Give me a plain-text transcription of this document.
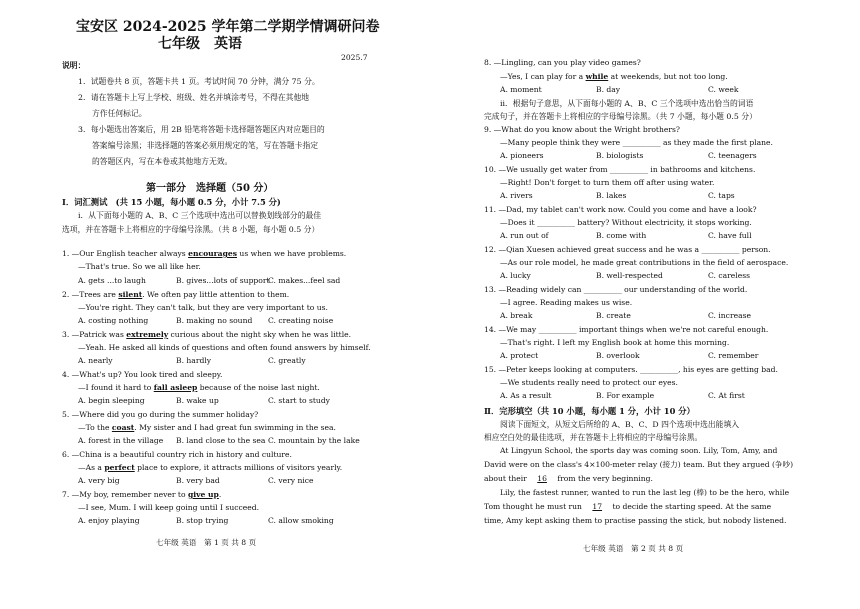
宝安区 2024-2025 学年第二学期学情调研问卷
七年级　英语
2025.7
说明：
1．试题卷共 8 页，答题卡共 1 页。考试时间 70 分钟，满分 75 分。
2．请在答题卡上写上学校、班级、姓名并填涂考号，不得在其他地
方作任何标记。
3．每小题选出答案后，用 2B 铅笔将答题卡选择题答题区内对应题目的
答案编号涂黑；非选择题的答案必须用规定的笔，写在答题卡指定
的答题区内，写在本卷或其他地方无效。
第一部分　选择题（50 分）
Ⅰ．词汇测试　(共 15 小题，每小题 0.5 分，小计 7.5 分)
ⅰ．从下面每小题的 A、B、C 三个选项中选出可以替换划线部分的最佳
选项，并在答题卡上将相应的字母编号涂黑。（共 8 小题，每小题 0.5 分）
1. —Our English teacher always encourages us when we have problems.
—That's true. So we all like her.
A. gets ...to laugh	B. gives...lots of support
C. makes...feel sad
2. —Trees are silent. We often pay little attention to them.
—You're right. They can't talk, but they are very important to us.
A. costing nothing	B. making no sound C. creating noise
3. —Patrick was extremely curious about the night sky when he was little.
—Yeah. He asked all kinds of questions and often found answers by himself.
A. nearly	B. hardly	C. greatly
4. —What's up? You look tired and sleepy.
—I found it hard to fall asleep because of the noise last night.
A. begin sleeping	B. wake up	C. start to study
5. —Where did you go during the summer holiday?
—To the coast. My sister and I had great fun swimming in the sea.
A. forest in the village B. land close to the sea C. mountain by the lake
6. —China is a beautiful country rich in history and culture.
—As a perfect place to explore, it attracts millions of visitors yearly.
A. very big	B. very bad	C. very nice
7. —My boy, remember never to give up.
—I see, Mum. I will keep going until I succeed.
A. enjoy playing	B. stop trying	C. allow smoking
七年级 英语　第 1 页 共 8 页
8. —Lingling, can you play video games?
—Yes, I can play for a while at weekends, but not too long.
A. moment	B. day	C. week
ⅱ．根据句子意思，从下面每小题的 A、B、C 三个选项中选出恰当的词语
完成句子，并在答题卡上将相应的字母编号涂黑。（共 7 小题，每小题 0.5 分）
9. —What do you know about the Wright brothers?
—Many people think they were __________ as they made the first plane.
A. pioneers	B. biologists	C. teenagers
10. —We usually get water from __________ in bathrooms and kitchens.
—Right! Don't forget to turn them off after using water.
A. rivers	B. lakes	C. taps
11. —Dad, my tablet can't work now. Could you come and have a look?
—Does it __________ battery? Without electricity, it stops working.
A. run out of	B. come with	C. have full
12. —Qian Xuesen achieved great success and he was a __________ person.
—As our role model, he made great contributions in the field of aerospace.
A. lucky	B. well-respected	C. careless
13. —Reading widely can __________ our understanding of the world.
—I agree. Reading makes us wise.
A. break	B. create	C. increase
14. —We may __________ important things when we're not careful enough.
—That's right. I left my English book at home this morning.
A. protect	B. overlook	C. remember
15. —Peter keeps looking at computers. __________, his eyes are getting bad.
—We students really need to protect our eyes.
A. As a result	B. For example	C. At first
Ⅱ．完形填空（共 10 小题，每小题 1 分，小计 10 分）
阅读下面短文，从短文后所给的 A、B、C、D 四个选项中选出能填入
相应空白处的最佳选项，并在答题卡上将相应的字母编号涂黑。
At Lingyun School, the sports day was coming soon. Lily, Tom, Amy, and
David were on the class's 4×100-meter relay (接力) team. But they argued (争吵)
about their 16 from the very beginning.
Lily, the fastest runner, wanted to run the last leg (棒) to be the hero, while
Tom thought he must run 17 to decide the starting speed. At the same
time, Amy kept asking them to practise passing the stick, but nobody listened.
七年级 英语　第 2 页 共 8 页
